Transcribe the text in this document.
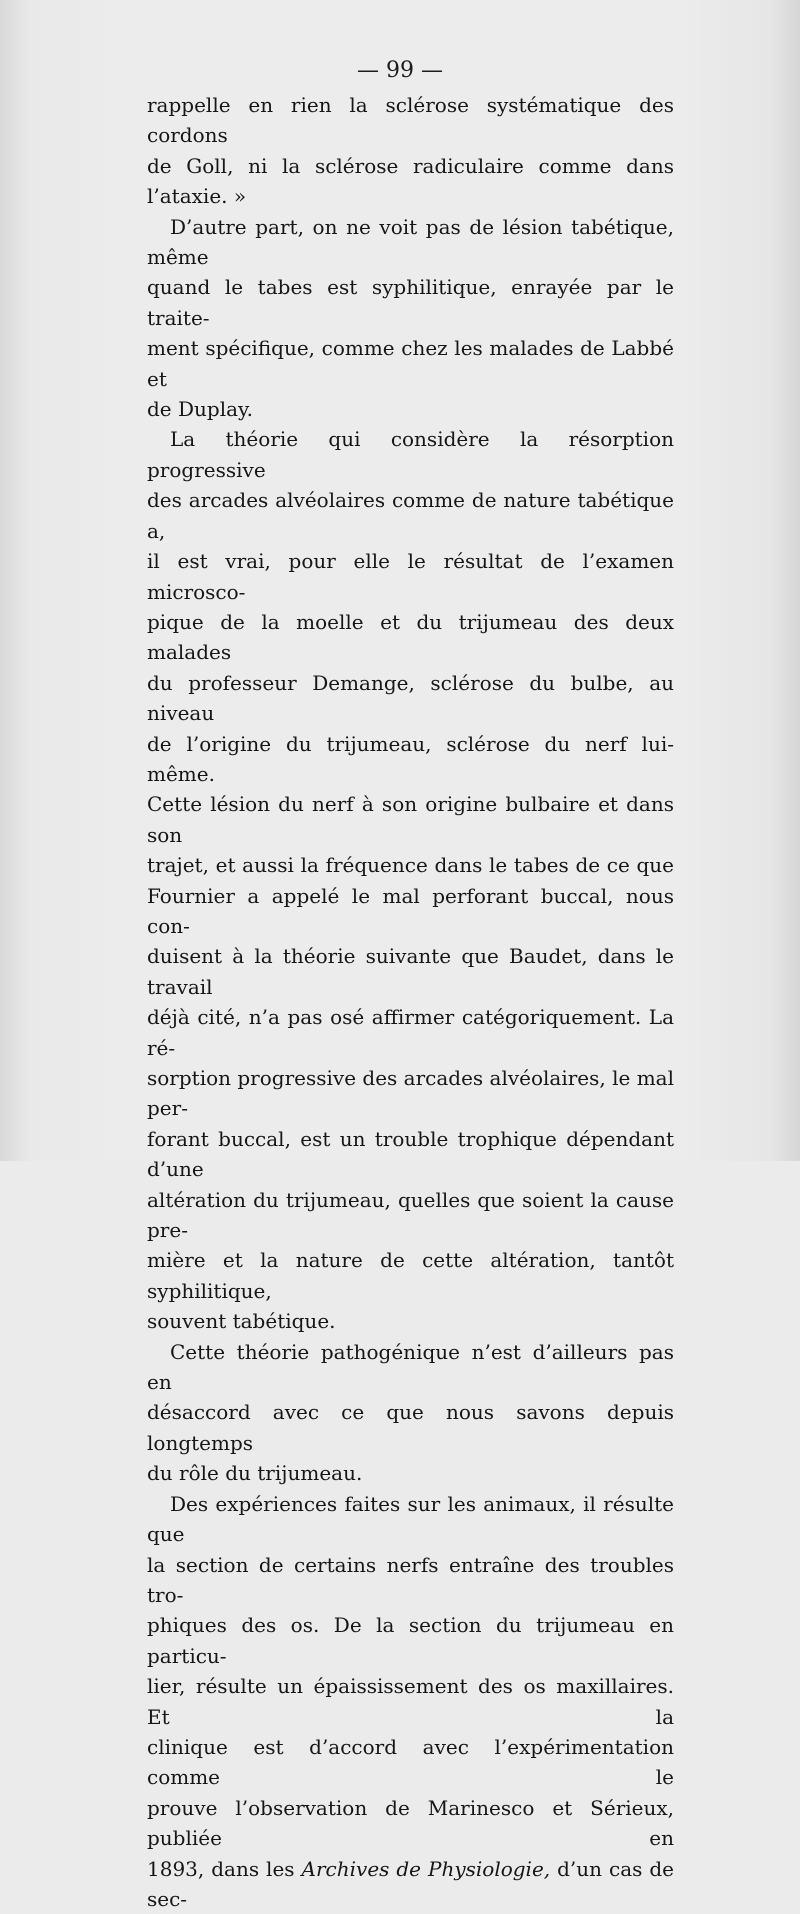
— 99 —

rappelle en rien la sclérose systématique des cordons

de Goll, ni la sclérose radiculaire comme dans l’ataxie. »

D’autre part, on ne voit pas de lésion tabétique, même

quand le tabes est syphilitique, enrayée par le traite-

ment spécifique, comme chez les malades de Labbé et

de Duplay.

La théorie qui considère la résorption progressive

des arcades alvéolaires comme de nature tabétique a,

il est vrai, pour elle le résultat de l’examen microsco-

pique de la moelle et du trijumeau des deux malades

du professeur Demange, sclérose du bulbe, au niveau

de l’origine du trijumeau, sclérose du nerf lui-même.

Cette lésion du nerf à son origine bulbaire et dans son

trajet, et aussi la fréquence dans le tabes de ce que

Fournier a appelé le mal perforant buccal, nous con-

duisent à la théorie suivante que Baudet, dans le travail

déjà cité, n’a pas osé affirmer catégoriquement. La ré-

sorption progressive des arcades alvéolaires, le mal per-

forant buccal, est un trouble trophique dépendant d’une

altération du trijumeau, quelles que soient la cause pre-

mière et la nature de cette altération, tantôt syphilitique,

souvent tabétique.

Cette théorie pathogénique n’est d’ailleurs pas en

désaccord avec ce que nous savons depuis longtemps

du rôle du trijumeau.

Des expériences faites sur les animaux, il résulte que

la section de certains nerfs entraîne des troubles tro-

phiques des os. De la section du trijumeau en particu-

lier, résulte un épaississement des os maxillaires. Et la

clinique est d’accord avec l’expérimentation comme le

prouve l’observation de Marinesco et Sérieux, publiée en

1893, dans les Archives de Physiologie, d’un cas de sec-
